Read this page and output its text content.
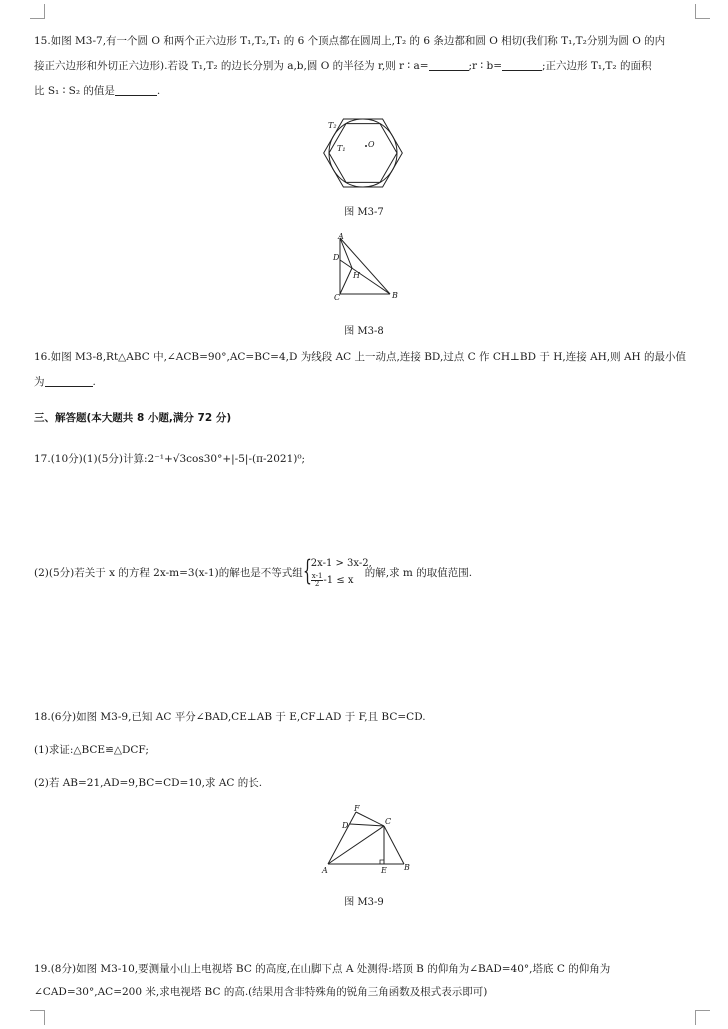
15.如图 M3-7,有一个圆 O 和两个正六边形 T₁,T₂,T₁ 的 6 个顶点都在圆周上,T₂ 的 6 条边都和圆 O 相切(我们称 T₁,T₂分别为圆 O 的内
接正六边形和外切正六边形).若设 T₁,T₂ 的边长分别为 a,b,圆 O 的半径为 r,则 r ∶ a=	;r ∶ b=	;正六边形 T₁,T₂ 的面积
比 S₁ ∶ S₂ 的值是	.
T₂
T₁	O
图 M3-7
A
D
H
C	B
图 M3-8
16.如图 M3-8,Rt△ABC 中,∠ACB=90°,AC=BC=4,D 为线段 AC 上一动点,连接 BD,过点 C 作 CH⊥BD 于 H,连接 AH,则 AH 的最小值
为	.
三、解答题(本大题共 8 小题,满分 72 分)
17.(10分)(1)(5分)计算:2⁻¹+√3cos30°+|-5|-(π-2021)⁰;
(2)(5分)若关于 x 的方程 2x-m=3(x-1)的解也是不等式组 { 2x-1 > 3x-2,
$\frac{x-1}{2} -1 \le x$
的解,求 m 的取值范围.
18.(6分)如图 M3-9,已知 AC 平分∠BAD,CE⊥AB 于 E,CF⊥AD 于 F,且 BC=CD.
(1)求证:△BCE≌△DCF;
(2)若 AB=21,AD=9,BC=CD=10,求 AC 的长.
F
D	C
A	E B
图 M3-9
19.(8分)如图 M3-10,要测量小山上电视塔 BC 的高度,在山脚下点 A 处测得:塔顶 B 的仰角为∠BAD=40°,塔底 C 的仰角为
∠CAD=30°,AC=200 米,求电视塔 BC 的高.(结果用含非特殊角的锐角三角函数及根式表示即可)
